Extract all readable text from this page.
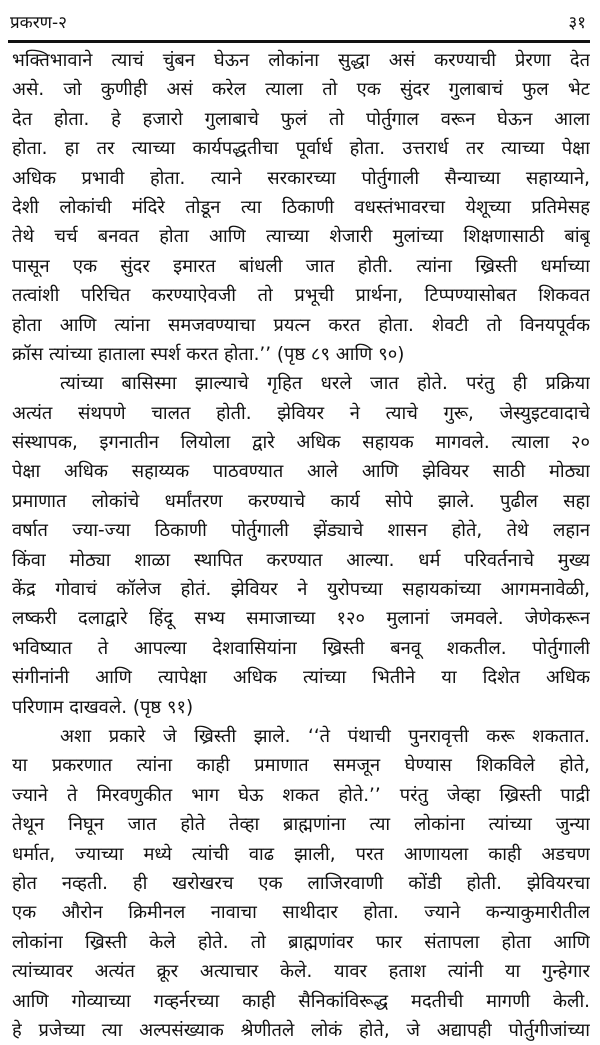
प्रकरण-२	३१
भक्तिभावाने त्याचं चुंबन घेऊन लोकांना सुद्धा असं करण्याची प्रेरणा देत
असे. जो कुणीही असं करेल त्याला तो एक सुंदर गुलाबाचं फुल भेट
देत होता. हे हजारो गुलाबाचे फुलं तो पोर्तुगाल वरून घेऊन आला
होता. हा तर त्याच्या कार्यपद्धतीचा पूर्वार्ध होता. उत्तरार्ध तर त्याच्या पेक्षा
अधिक प्रभावी होता. त्याने सरकारच्या पोर्तुगाली सैन्याच्या सहाय्याने,
देशी लोकांची मंदिरे तोडून त्या ठिकाणी वधस्तंभावरचा येशूच्या प्रतिमेसह
तेथे चर्च बनवत होता आणि त्याच्या शेजारी मुलांच्या शिक्षणासाठी बांबू
पासून एक सुंदर इमारत बांधली जात होती. त्यांना ख्रिस्ती धर्माच्या
तत्वांशी परिचित करण्याऐवजी तो प्रभूची प्रार्थना, टिप्पण्यासोबत शिकवत
होता आणि त्यांना समजवण्याचा प्रयत्न करत होता. शेवटी तो विनयपूर्वक
क्रॉस त्यांच्या हाताला स्पर्श करत होता.’’ (पृष्ठ ८९ आणि ९०)
त्यांच्या बासिस्मा झाल्याचे गृहित धरले जात होते. परंतु ही प्रक्रिया
अत्यंत संथपणे चालत होती. झेवियर ने त्याचे गुरू, जेस्युइटवादाचे
संस्थापक, इगनातीन लियोला द्वारे अधिक सहायक मागवले. त्याला २०
पेक्षा अधिक सहाय्यक पाठवण्यात आले आणि झेवियर साठी मोठ्या
प्रमाणात लोकांचे धर्मांतरण करण्याचे कार्य सोपे झाले. पुढील सहा
वर्षात ज्या-ज्या ठिकाणी पोर्तुगाली झेंड्याचे शासन होते, तेथे लहान
किंवा मोठ्या शाळा स्थापित करण्यात आल्या. धर्म परिवर्तनाचे मुख्य
केंद्र गोवाचं कॉलेज होतं. झेवियर ने युरोपच्या सहायकांच्या आगमनावेळी,
लष्करी दलाद्वारे हिंदू सभ्य समाजाच्या १२० मुलानां जमवले. जेणेकरून
भविष्यात ते आपल्या देशवासियांना ख्रिस्ती बनवू शकतील. पोर्तुगाली
संगीनांनी आणि त्यापेक्षा अधिक त्यांच्या भितीने या दिशेत अधिक
परिणाम दाखवले. (पृष्ठ ९१)
अशा प्रकारे जे ख्रिस्ती झाले. ‘‘ते पंथाची पुनरावृत्ती करू शकतात.
या प्रकरणात त्यांना काही प्रमाणात समजून घेण्यास शिकविले होते,
ज्याने ते मिरवणुकीत भाग घेऊ शकत होते.’’ परंतु जेव्हा ख्रिस्ती पाद्री
तेथून निघून जात होते तेव्हा ब्राह्मणांना त्या लोकांना त्यांच्या जुन्या
धर्मात, ज्याच्या मध्ये त्यांची वाढ झाली, परत आणायला काही अडचण
होत नव्हती. ही खरोखरच एक लाजिरवाणी कोंडी होती. झेवियरचा
एक औरोन क्रिमीनल नावाचा साथीदार होता. ज्याने कन्याकुमारीतील
लोकांना ख्रिस्ती केले होते. तो ब्राह्मणांवर फार संतापला होता आणि
त्यांच्यावर अत्यंत क्रूर अत्याचार केले. यावर हताश त्यांनी या गुन्हेगार
आणि गोव्याच्या गव्हर्नरच्या काही सैनिकांविरूद्ध मदतीची मागणी केली.
हे प्रजेच्या त्या अल्पसंख्याक श्रेणीतले लोकं होते, जे अद्यापही पोर्तुगीजांच्या
